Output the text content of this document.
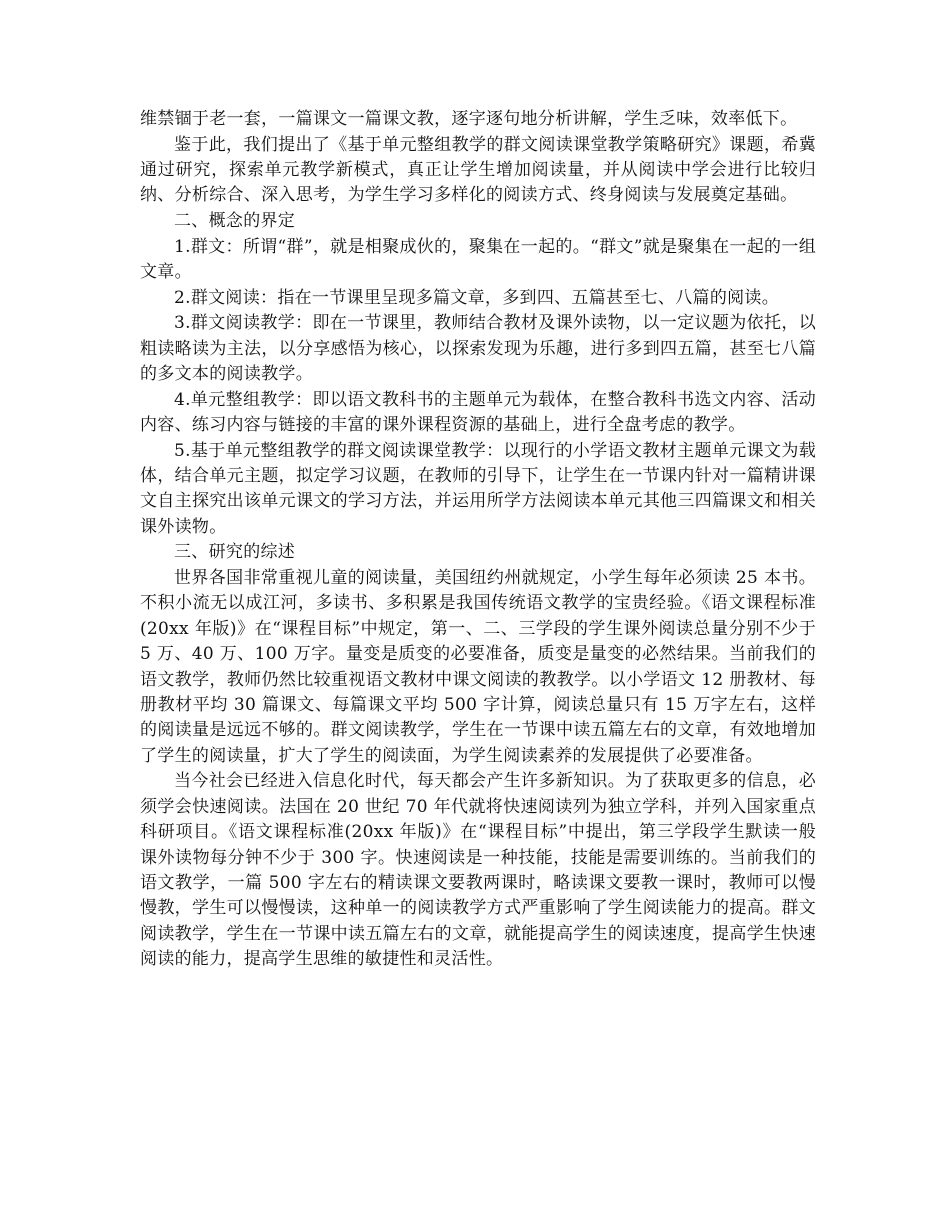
维禁锢于老一套，一篇课文一篇课文教，逐字逐句地分析讲解，学生乏味，效率低下。

鉴于此，我们提出了《基于单元整组教学的群文阅读课堂教学策略研究》课题，希冀通过研究，探索单元教学新模式，真正让学生增加阅读量，并从阅读中学会进行比较归纳、分析综合、深入思考，为学生学习多样化的阅读方式、终身阅读与发展奠定基础。

二、概念的界定

1.群文：所谓“群”，就是相聚成伙的，聚集在一起的。“群文”就是聚集在一起的一组文章。

2.群文阅读：指在一节课里呈现多篇文章，多到四、五篇甚至七、八篇的阅读。

3.群文阅读教学：即在一节课里，教师结合教材及课外读物，以一定议题为依托，以粗读略读为主法，以分享感悟为核心，以探索发现为乐趣，进行多到四五篇，甚至七八篇的多文本的阅读教学。

4.单元整组教学：即以语文教科书的主题单元为载体，在整合教科书选文内容、活动内容、练习内容与链接的丰富的课外课程资源的基础上，进行全盘考虑的教学。

5.基于单元整组教学的群文阅读课堂教学：以现行的小学语文教材主题单元课文为载体，结合单元主题，拟定学习议题，在教师的引导下，让学生在一节课内针对一篇精讲课文自主探究出该单元课文的学习方法，并运用所学方法阅读本单元其他三四篇课文和相关课外读物。

三、研究的综述

世界各国非常重视儿童的阅读量，美国纽约州就规定，小学生每年必须读 25 本书。不积小流无以成江河，多读书、多积累是我国传统语文教学的宝贵经验。《语文课程标准(20xx 年版)》在“课程目标”中规定，第一、二、三学段的学生课外阅读总量分别不少于 5 万、40 万、100 万字。量变是质变的必要准备，质变是量变的必然结果。当前我们的语文教学，教师仍然比较重视语文教材中课文阅读的教教学。以小学语文 12 册教材、每册教材平均 30 篇课文、每篇课文平均 500 字计算，阅读总量只有 15 万字左右，这样的阅读量是远远不够的。群文阅读教学，学生在一节课中读五篇左右的文章，有效地增加了学生的阅读量，扩大了学生的阅读面，为学生阅读素养的发展提供了必要准备。

当今社会已经进入信息化时代，每天都会产生许多新知识。为了获取更多的信息，必须学会快速阅读。法国在 20 世纪 70 年代就将快速阅读列为独立学科，并列入国家重点科研项目。《语文课程标准(20xx 年版)》在“课程目标”中提出，第三学段学生默读一般课外读物每分钟不少于 300 字。快速阅读是一种技能，技能是需要训练的。当前我们的语文教学，一篇 500 字左右的精读课文要教两课时，略读课文要教一课时，教师可以慢慢教，学生可以慢慢读，这种单一的阅读教学方式严重影响了学生阅读能力的提高。群文阅读教学，学生在一节课中读五篇左右的文章，就能提高学生的阅读速度，提高学生快速阅读的能力，提高学生思维的敏捷性和灵活性。
